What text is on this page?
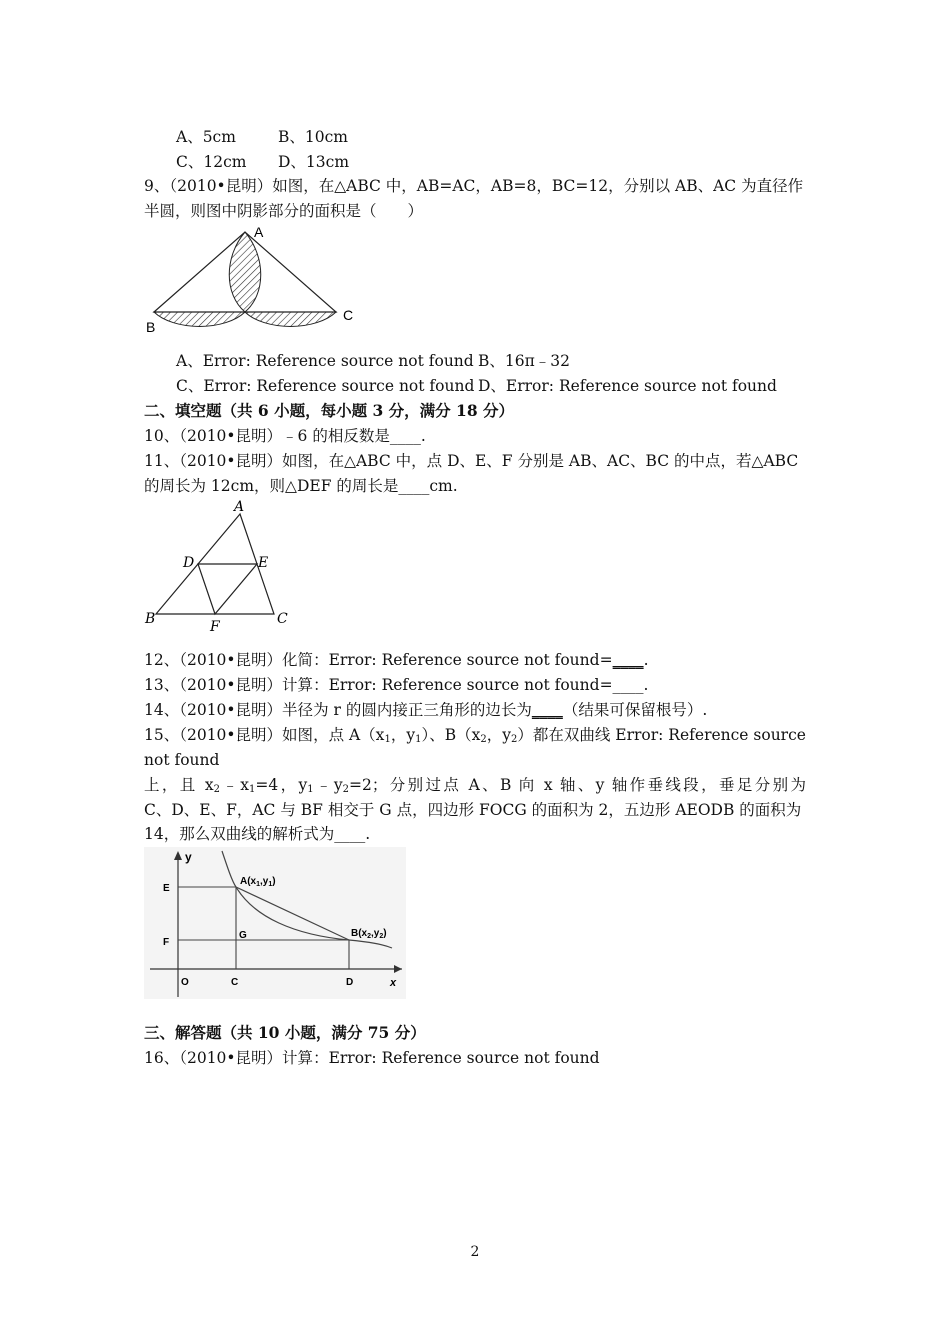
A、5cm	B、10cm
C、12cm D、13cm
9、（2010•昆明）如图，在△ABC 中，AB=AC，AB=8，BC=12，分别以 AB、AC 为直径作
半圆，则图中阴影部分的面积是（　　）
A
B
C
A、Error: Reference source not found B、16π﹣32
C、Error: Reference source not found D、Error: Reference source not found
二、填空题（共 6 小题，每小题 3 分，满分 18 分）
10、（2010•昆明）﹣6 的相反数是____.
11、（2010•昆明）如图，在△ABC 中，点 D、E、F 分别是 AB、AC、BC 的中点，若△ABC
的周长为 12cm，则△DEF 的周长是____cm.
A
B	C
D	E
F
12、（2010•昆明）化简：Error: Reference source not found=____.
13、（2010•昆明）计算：Error: Reference source not found=____.
14、（2010•昆明）半径为 r 的圆内接正三角形的边长为____（结果可保留根号）.
15、（2010•昆明）如图，点 $A(x_1$，$y_1$）、$B(x_2$，$y_2$）都在双曲线 Error: Reference source
not found
上，且 $x_2﹣x_1=4$，$y_1﹣y_2=2$；分别过点 A、B 向 x 轴、y 轴作垂线段，垂足分别为
C、D、E、F，AC 与 BF 相交于 G 点，四边形 FOCG 的面积为 2，五边形 AEODB 的面积为
14，那么双曲线的解析式为____.
y
x
E
F
O	C	D
G
$A(x_1,y_1)$
$B(x_2,y_2)$
三、解答题（共 10 小题，满分 75 分）
16、（2010•昆明）计算：Error: Reference source not found
2
